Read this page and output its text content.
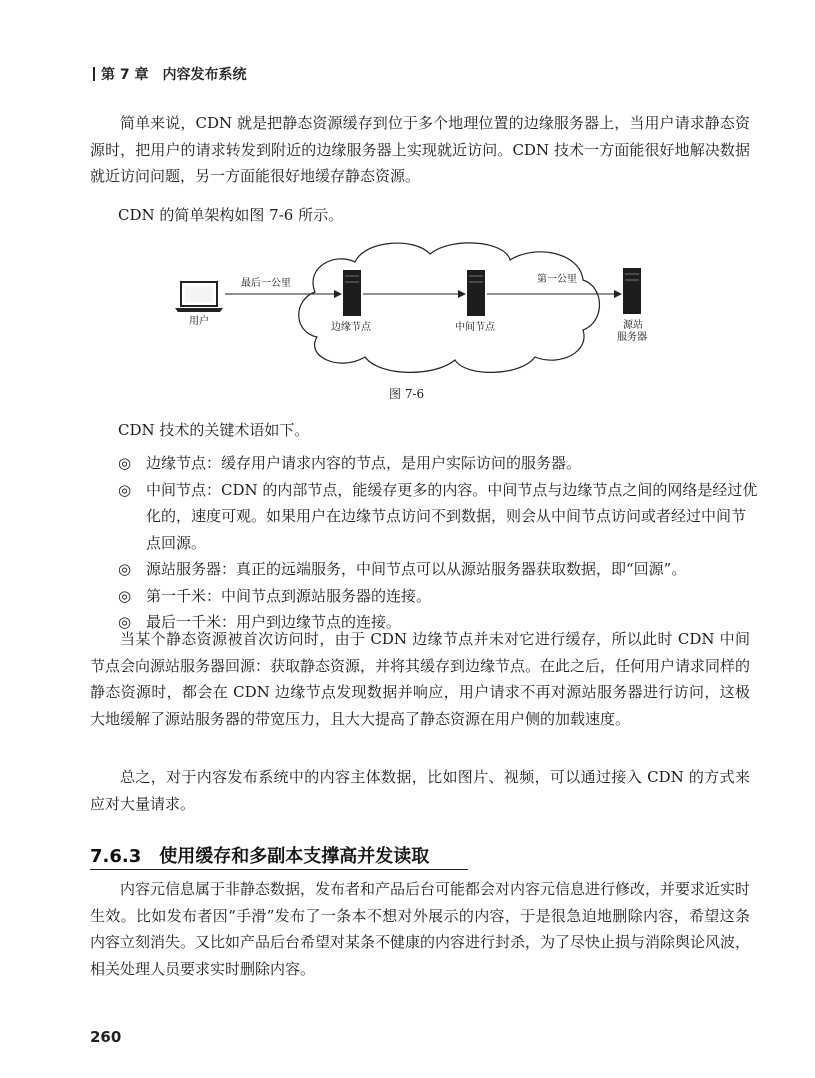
第 7 章 内容发布系统

简单来说，CDN 就是把静态资源缓存到位于多个地理位置的边缘服务器上，当用户请求静态资源时，把用户的请求转发到附近的边缘服务器上实现就近访问。CDN 技术一方面能很好地解决数据就近访问问题，另一方面能很好地缓存静态资源。

CDN 的简单架构如图 7-6 所示。

用户
最后一公里	第一公里
边缘节点	中间节点	源站
服务器
图 7-6

CDN 技术的关键术语如下。

◎ 边缘节点：缓存用户请求内容的节点，是用户实际访问的服务器。
◎ 中间节点：CDN 的内部节点，能缓存更多的内容。中间节点与边缘节点之间的网络是经过优化的，速度可观。如果用户在边缘节点访问不到数据，则会从中间节点访问或者经过中间节点回源。
◎ 源站服务器：真正的远端服务，中间节点可以从源站服务器获取数据，即“回源”。
◎ 第一千米：中间节点到源站服务器的连接。
◎ 最后一千米：用户到边缘节点的连接。

当某个静态资源被首次访问时，由于 CDN 边缘节点并未对它进行缓存，所以此时 CDN 中间节点会向源站服务器回源：获取静态资源，并将其缓存到边缘节点。在此之后，任何用户请求同样的静态资源时，都会在 CDN 边缘节点发现数据并响应，用户请求不再对源站服务器进行访问，这极大地缓解了源站服务器的带宽压力，且大大提高了静态资源在用户侧的加载速度。

总之，对于内容发布系统中的内容主体数据，比如图片、视频，可以通过接入 CDN 的方式来应对大量请求。

7.6.3 使用缓存和多副本支撑高并发读取

内容元信息属于非静态数据，发布者和产品后台可能都会对内容元信息进行修改，并要求近实时生效。比如发布者因“手滑”发布了一条本不想对外展示的内容，于是很急迫地删除内容，希望这条内容立刻消失。又比如产品后台希望对某条不健康的内容进行封杀，为了尽快止损与消除舆论风波，相关处理人员要求实时删除内容。

260
